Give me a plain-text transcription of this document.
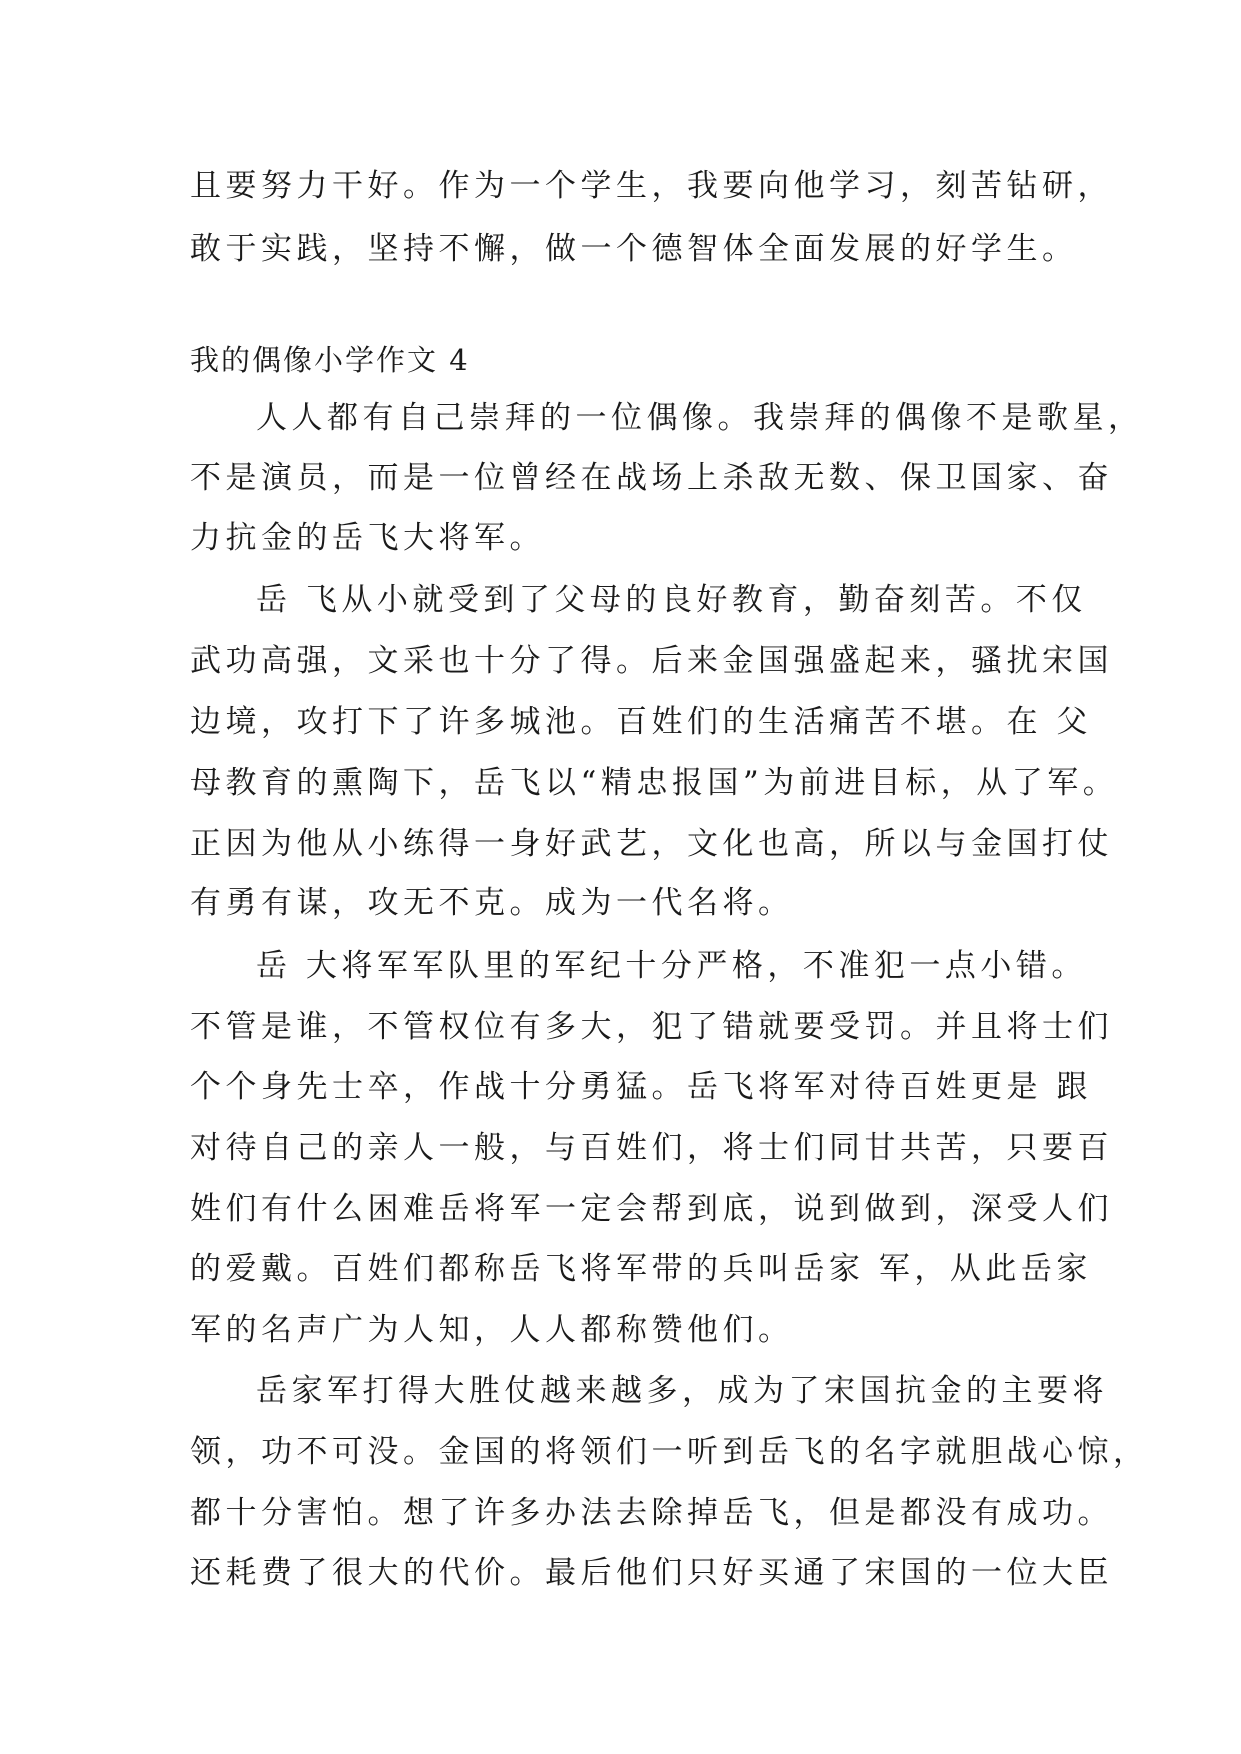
且要努力干好。作为一个学生，我要向他学习，刻苦钻研，
敢于实践，坚持不懈，做一个德智体全面发展的好学生。
我的偶像小学作文 4
人人都有自己崇拜的一位偶像。我崇拜的偶像不是歌星，
不是演员，而是一位曾经在战场上杀敌无数、保卫国家、奋
力抗金的岳飞大将军。
岳 飞从小就受到了父母的良好教育，勤奋刻苦。不仅
武功高强，文采也十分了得。后来金国强盛起来，骚扰宋国
边境，攻打下了许多城池。百姓们的生活痛苦不堪。在 父
母教育的熏陶下，岳飞以“精忠报国”为前进目标，从了军。
正因为他从小练得一身好武艺，文化也高，所以与金国打仗
有勇有谋，攻无不克。成为一代名将。
岳 大将军军队里的军纪十分严格，不准犯一点小错。
不管是谁，不管权位有多大，犯了错就要受罚。并且将士们
个个身先士卒，作战十分勇猛。岳飞将军对待百姓更是 跟
对待自己的亲人一般，与百姓们，将士们同甘共苦，只要百
姓们有什么困难岳将军一定会帮到底，说到做到，深受人们
的爱戴。百姓们都称岳飞将军带的兵叫岳家 军，从此岳家
军的名声广为人知，人人都称赞他们。
岳家军打得大胜仗越来越多，成为了宋国抗金的主要将
领，功不可没。金国的将领们一听到岳飞的名字就胆战心惊，
都十分害怕。想了许多办法去除掉岳飞，但是都没有成功。
还耗费了很大的代价。最后他们只好买通了宋国的一位大臣
